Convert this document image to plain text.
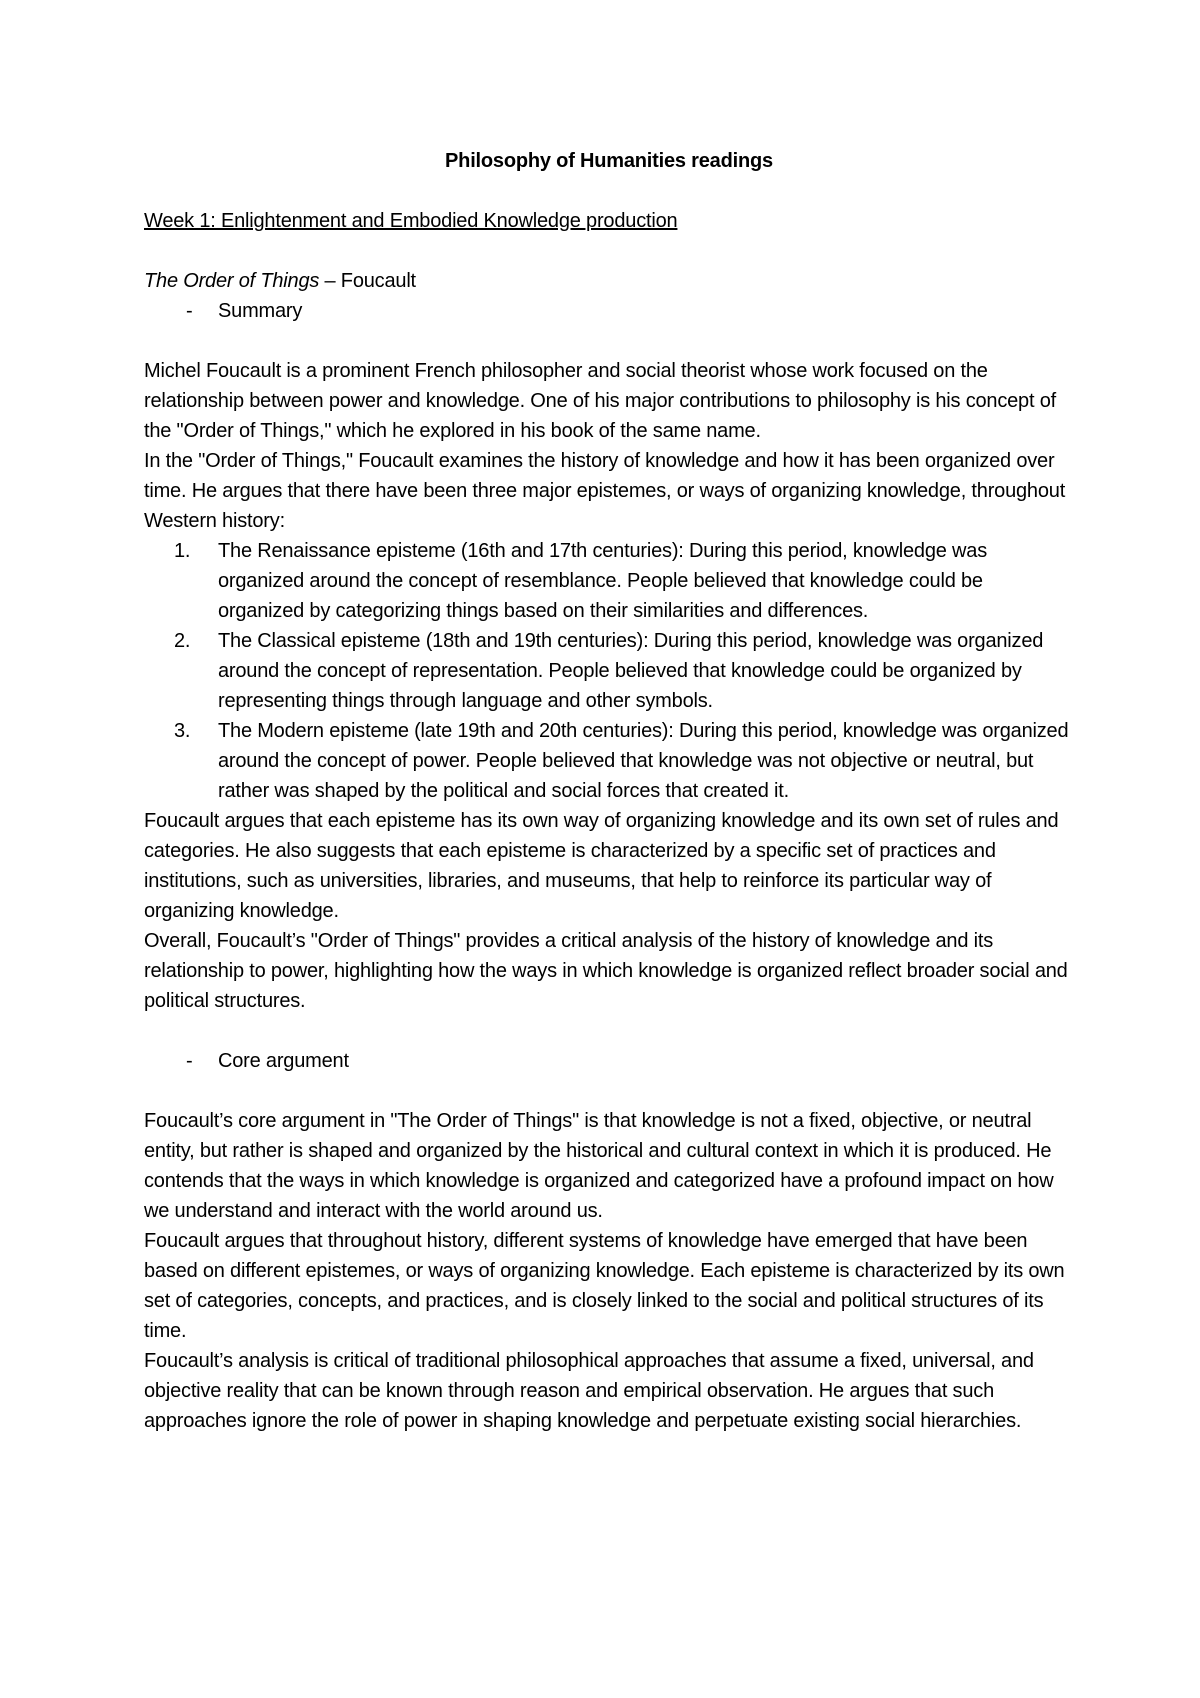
Philosophy of Humanities readings
Week 1: Enlightenment and Embodied Knowledge production
The Order of Things – Foucault
- Summary

Michel Foucault is a prominent French philosopher and social theorist whose work focused on the relationship between power and knowledge. One of his major contributions to philosophy is his concept of the "Order of Things," which he explored in his book of the same name.

In the "Order of Things," Foucault examines the history of knowledge and how it has been organized over time. He argues that there have been three major epistemes, or ways of organizing knowledge, throughout Western history:

1. The Renaissance episteme (16th and 17th centuries): During this period, knowledge was organized around the concept of resemblance. People believed that knowledge could be organized by categorizing things based on their similarities and differences.
2. The Classical episteme (18th and 19th centuries): During this period, knowledge was organized around the concept of representation. People believed that knowledge could be organized by representing things through language and other symbols.
3. The Modern episteme (late 19th and 20th centuries): During this period, knowledge was organized around the concept of power. People believed that knowledge was not objective or neutral, but rather was shaped by the political and social forces that created it.

Foucault argues that each episteme has its own way of organizing knowledge and its own set of rules and categories. He also suggests that each episteme is characterized by a specific set of practices and institutions, such as universities, libraries, and museums, that help to reinforce its particular way of organizing knowledge.

Overall, Foucault’s "Order of Things" provides a critical analysis of the history of knowledge and its relationship to power, highlighting how the ways in which knowledge is organized reflect broader social and political structures.

- Core argument

Foucault’s core argument in "The Order of Things" is that knowledge is not a fixed, objective, or neutral entity, but rather is shaped and organized by the historical and cultural context in which it is produced. He contends that the ways in which knowledge is organized and categorized have a profound impact on how we understand and interact with the world around us.

Foucault argues that throughout history, different systems of knowledge have emerged that have been based on different epistemes, or ways of organizing knowledge. Each episteme is characterized by its own set of categories, concepts, and practices, and is closely linked to the social and political structures of its time.

Foucault’s analysis is critical of traditional philosophical approaches that assume a fixed, universal, and objective reality that can be known through reason and empirical observation. He argues that such approaches ignore the role of power in shaping knowledge and perpetuate existing social hierarchies.
